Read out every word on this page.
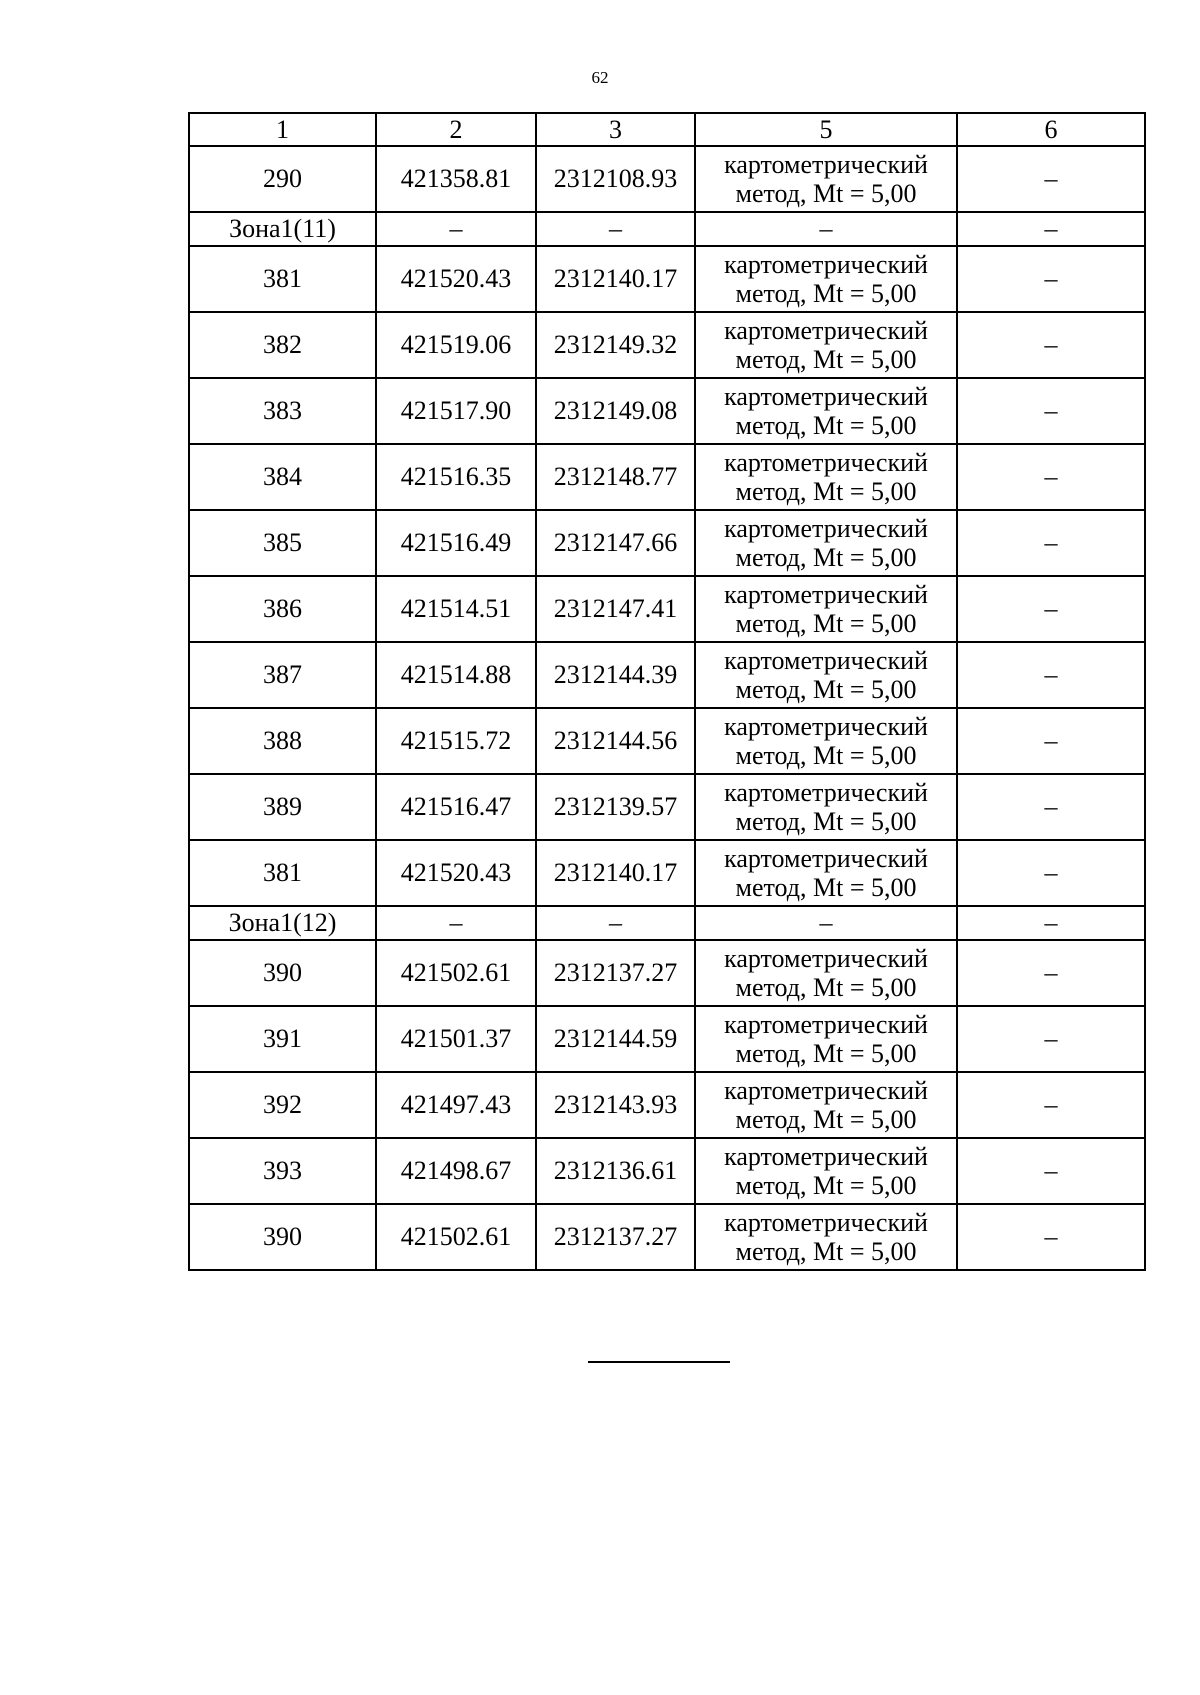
62
1	2	3	5	6
290	421358.81	2312108.93	картометрический метод, Mt = 5,00	–
Зона1(11)	–	–	–	–
381	421520.43	2312140.17	картометрический метод, Mt = 5,00	–
382	421519.06	2312149.32	картометрический метод, Mt = 5,00	–
383	421517.90	2312149.08	картометрический метод, Mt = 5,00	–
384	421516.35	2312148.77	картометрический метод, Mt = 5,00	–
385	421516.49	2312147.66	картометрический метод, Mt = 5,00	–
386	421514.51	2312147.41	картометрический метод, Mt = 5,00	–
387	421514.88	2312144.39	картометрический метод, Mt = 5,00	–
388	421515.72	2312144.56	картометрический метод, Mt = 5,00	–
389	421516.47	2312139.57	картометрический метод, Mt = 5,00	–
381	421520.43	2312140.17	картометрический метод, Mt = 5,00	–
Зона1(12)	–	–	–	–
390	421502.61	2312137.27	картометрический метод, Mt = 5,00	–
391	421501.37	2312144.59	картометрический метод, Mt = 5,00	–
392	421497.43	2312143.93	картометрический метод, Mt = 5,00	–
393	421498.67	2312136.61	картометрический метод, Mt = 5,00	–
390	421502.61	2312137.27	картометрический метод, Mt = 5,00	–
